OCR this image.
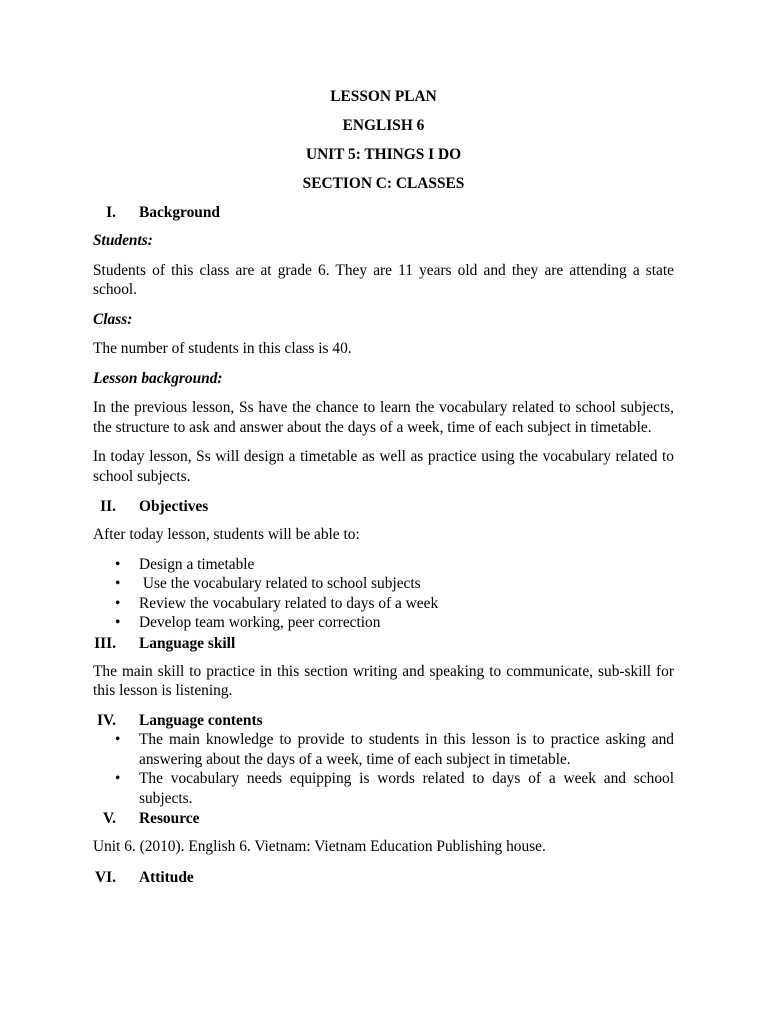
LESSON PLAN
ENGLISH 6
UNIT 5: THINGS I DO
SECTION C: CLASSES
I. Background
Students:
Students of this class are at grade 6. They are 11 years old and they are attending a state school.
Class:
The number of students in this class is 40.
Lesson background:
In the previous lesson, Ss have the chance to learn the vocabulary related to school subjects, the structure to ask and answer about the days of a week, time of each subject in timetable.
In today lesson, Ss will design a timetable as well as practice using the vocabulary related to school subjects.
II. Objectives
After today lesson, students will be able to:
• Design a timetable
• Use the vocabulary related to school subjects
• Review the vocabulary related to days of a week
• Develop team working, peer correction
III. Language skill
The main skill to practice in this section writing and speaking to communicate, sub-skill for this lesson is listening.
IV. Language contents
• The main knowledge to provide to students in this lesson is to practice asking and answering about the days of a week, time of each subject in timetable.
• The vocabulary needs equipping is words related to days of a week and school subjects.
V. Resource
Unit 6. (2010). English 6. Vietnam: Vietnam Education Publishing house.
VI. Attitude
